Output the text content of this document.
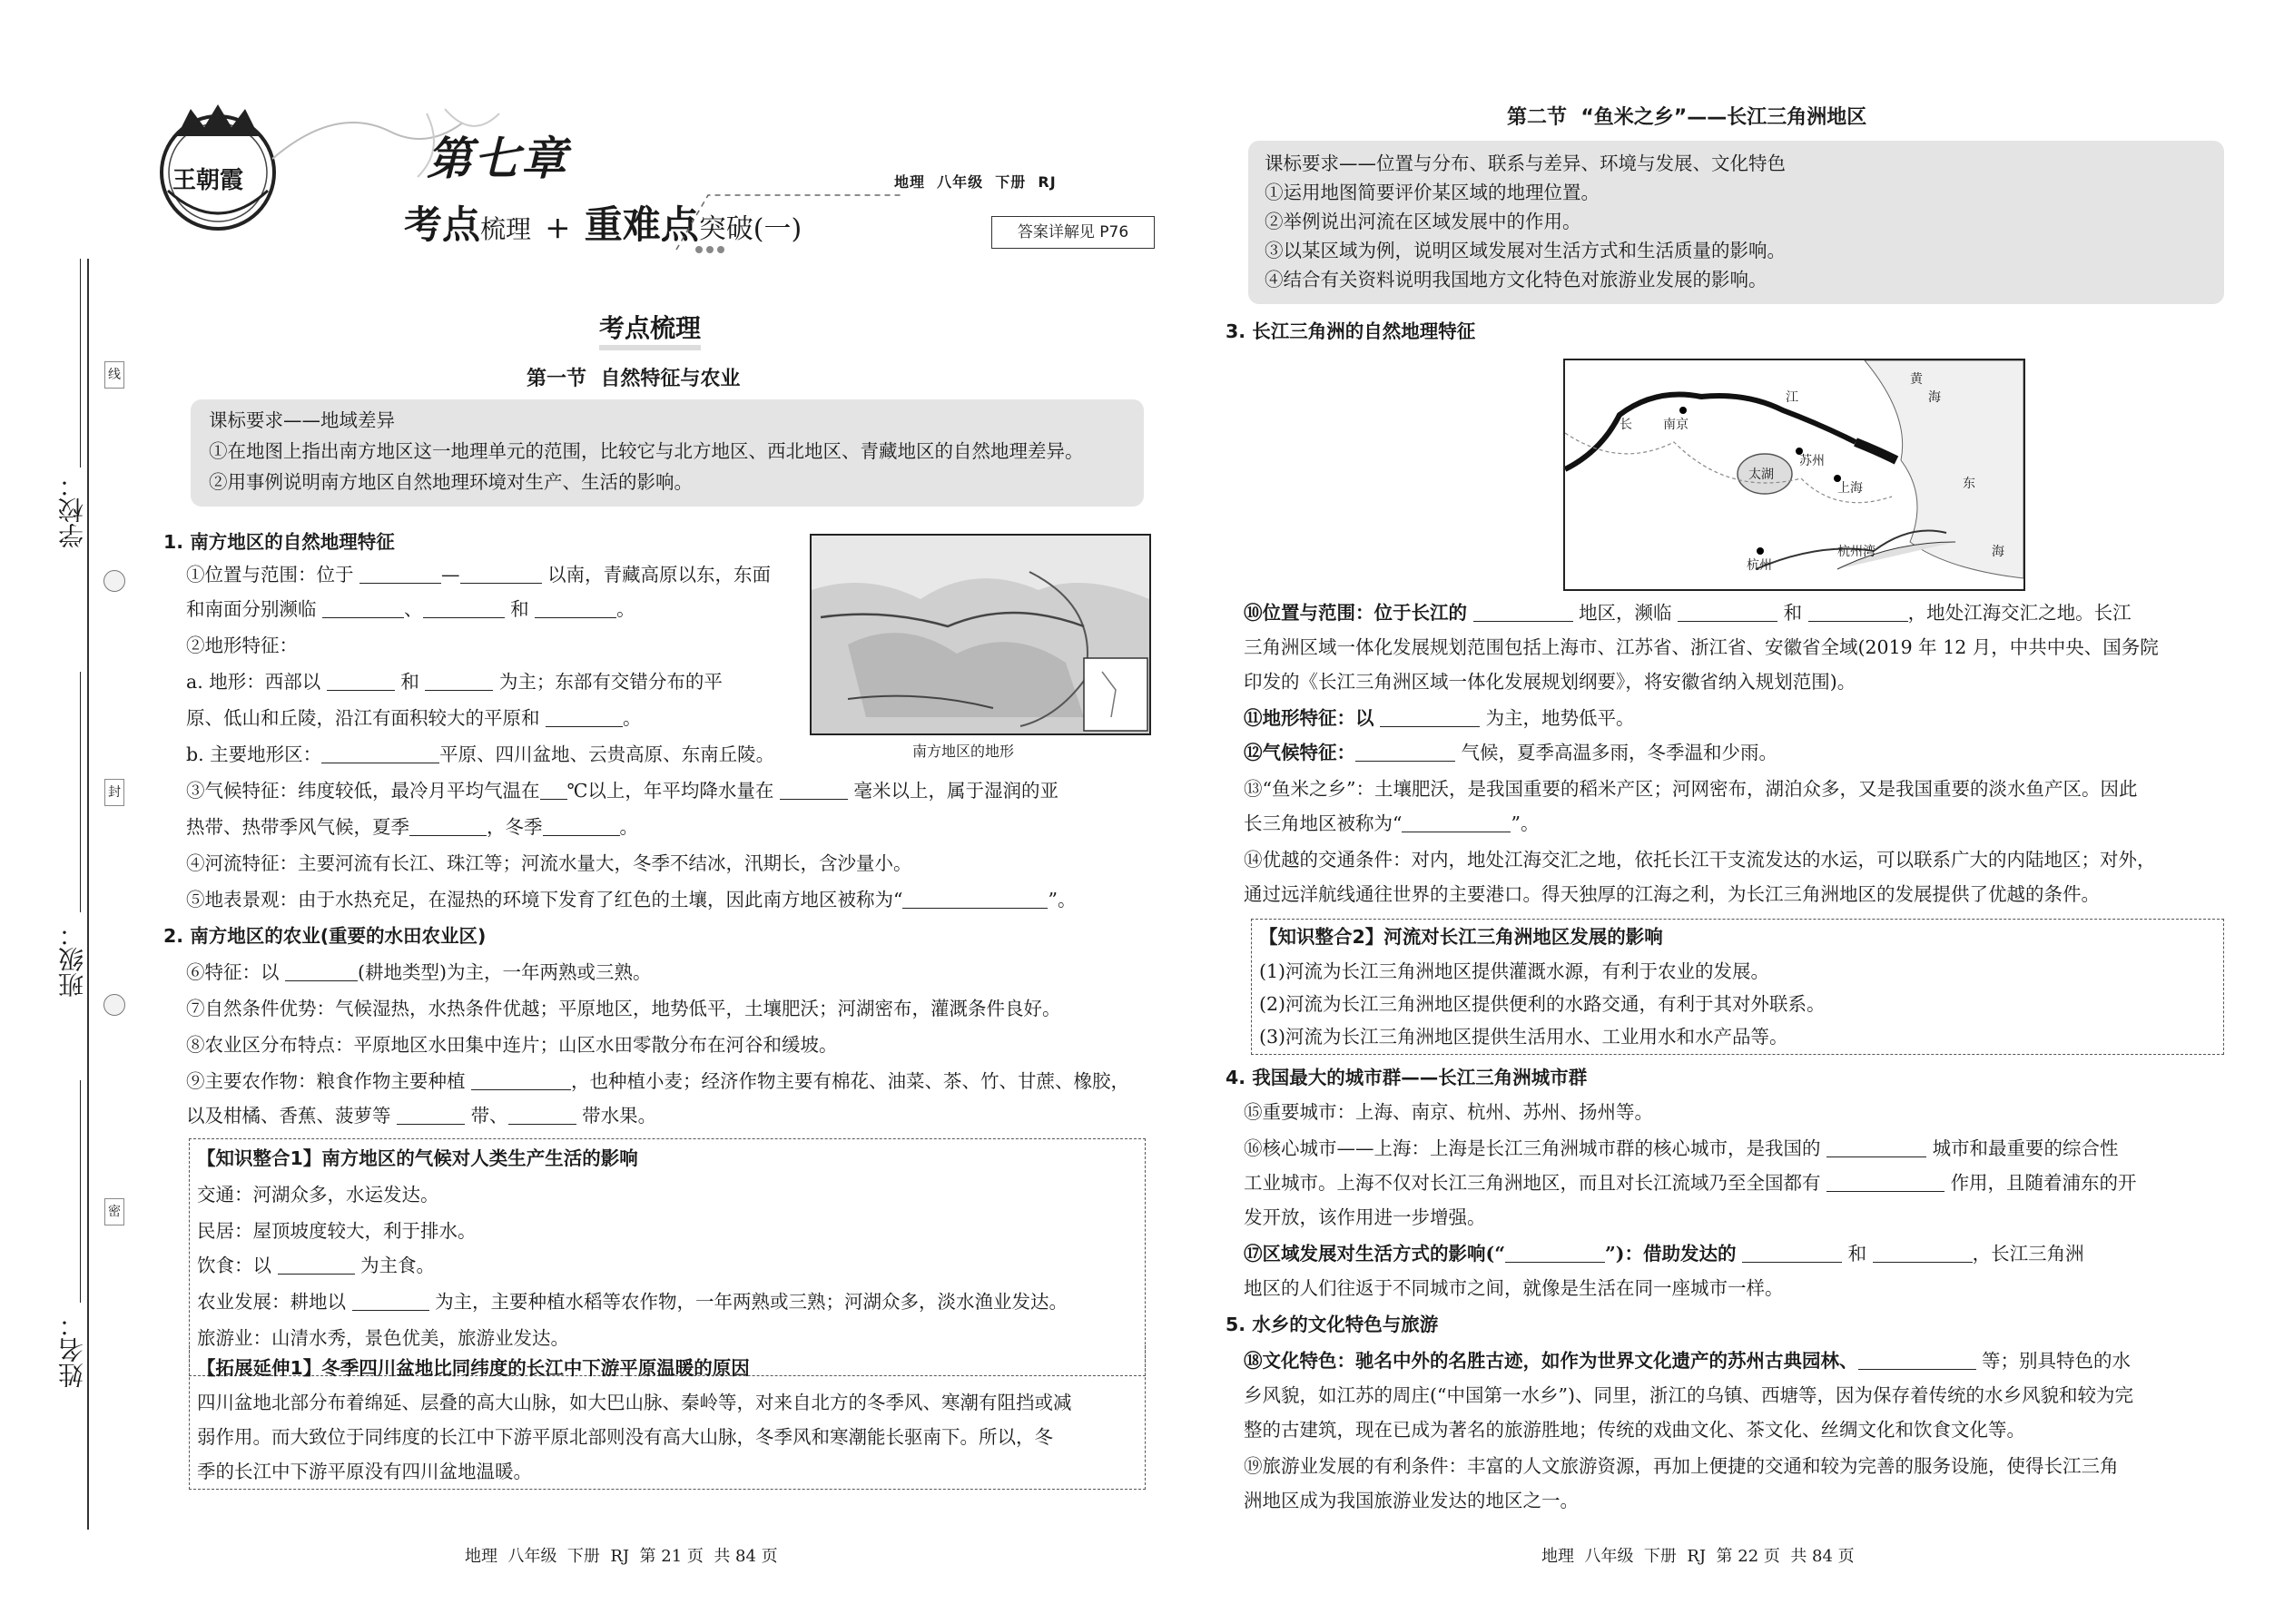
学校：
班级：
姓名：
线
封
密
王朝霞	第七章
考点梳理 + 重难点突破(一)
地理  八年级  下册  RJ
答案详解见 P76
考点梳理
第一节  自然特征与农业
课标要求——地域差异
①在地图上指出南方地区这一地理单元的范围，比较它与北方地区、西北地区、青藏地区的自然地理差异。
②用事例说明南方地区自然地理环境对生产、生活的影响。
1. 南方地区的自然地理特征
①位置与范围：位于	—	以南，青藏高原以东，东面
和南面分别濒临	、	和	。
②地形特征：
a. 地形：西部以	和	为主；东部有交错分布的平
原、低山和丘陵，沿江有面积较大的平原和	。
b. 主要地形区：	平原、四川盆地、云贵高原、东南丘陵。	南方地区的地形
③气候特征：纬度较低，最冷月平均气温在 ℃以上，年平均降水量在	毫米以上，属于湿润的亚
热带、热带季风气候，夏季	，冬季	。
④河流特征：主要河流有长江、珠江等；河流水量大，冬季不结冰，汛期长，含沙量小。
⑤地表景观：由于水热充足，在湿热的环境下发育了红色的土壤，因此南方地区被称为“	”。
2. 南方地区的农业(重要的水田农业区)
⑥特征：以	(耕地类型)为主，一年两熟或三熟。
⑦自然条件优势：气候湿热，水热条件优越；平原地区，地势低平，土壤肥沃；河湖密布，灌溉条件良好。
⑧农业区分布特点：平原地区水田集中连片；山区水田零散分布在河谷和缓坡。
⑨主要农作物：粮食作物主要种植	，也种植小麦；经济作物主要有棉花、油菜、茶、竹、甘蔗、橡胶，
以及柑橘、香蕉、菠萝等	带、	带水果。
【知识整合1】南方地区的气候对人类生产生活的影响
交通：河湖众多，水运发达。
民居：屋顶坡度较大，利于排水。
饮食：以	为主食。
农业发展：耕地以	为主，主要种植水稻等农作物，一年两熟或三熟；河湖众多，淡水渔业发达。
旅游业：山清水秀，景色优美，旅游业发达。
【拓展延伸1】冬季四川盆地比同纬度的长江中下游平原温暖的原因
四川盆地北部分布着绵延、层叠的高大山脉，如大巴山脉、秦岭等，对来自北方的冬季风、寒潮有阻挡或减
弱作用。而大致位于同纬度的长江中下游平原北部则没有高大山脉，冬季风和寒潮能长驱南下。所以，冬
季的长江中下游平原没有四川盆地温暖。
地理  八年级  下册  RJ  第 21 页  共 84 页
第二节  “鱼米之乡”——长江三角洲地区
课标要求——位置与分布、联系与差异、环境与发展、文化特色
①运用地图简要评价某区域的地理位置。
②举例说出河流在区域发展中的作用。
③以某区域为例，说明区域发展对生活方式和生活质量的影响。
④结合有关资料说明我国地方文化特色对旅游业发展的影响。
3. 长江三角洲的自然地理特征
长
江
南京
黄
海
苏州
太湖
上海	东
杭州
杭州湾	海
⑩位置与范围：位于长江的	地区，濒临	和	，地处江海交汇之地。长江
三角洲区域一体化发展规划范围包括上海市、江苏省、浙江省、安徽省全域(2019 年 12 月，中共中央、国务院
印发的《长江三角洲区域一体化发展规划纲要》，将安徽省纳入规划范围)。
⑪地形特征：以	为主，地势低平。
⑫气候特征：	气候，夏季高温多雨，冬季温和少雨。
⑬“鱼米之乡”：土壤肥沃，是我国重要的稻米产区；河网密布，湖泊众多，又是我国重要的淡水鱼产区。因此
长三角地区被称为“	”。
⑭优越的交通条件：对内，地处江海交汇之地，依托长江干支流发达的水运，可以联系广大的内陆地区；对外，
通过远洋航线通往世界的主要港口。得天独厚的江海之利，为长江三角洲地区的发展提供了优越的条件。
【知识整合2】河流对长江三角洲地区发展的影响
(1)河流为长江三角洲地区提供灌溉水源，有利于农业的发展。
(2)河流为长江三角洲地区提供便利的水路交通，有利于其对外联系。
(3)河流为长江三角洲地区提供生活用水、工业用水和水产品等。
4. 我国最大的城市群——长江三角洲城市群
⑮重要城市：上海、南京、杭州、苏州、扬州等。
⑯核心城市——上海：上海是长江三角洲城市群的核心城市，是我国的	城市和最重要的综合性
工业城市。上海不仅对长江三角洲地区，而且对长江流域乃至全国都有	作用，且随着浦东的开
发开放，该作用进一步增强。
⑰区域发展对生活方式的影响(“	”)：借助发达的	和	，长江三角洲
地区的人们往返于不同城市之间，就像是生活在同一座城市一样。
5. 水乡的文化特色与旅游
⑱文化特色：驰名中外的名胜古迹，如作为世界文化遗产的苏州古典园林、	等；别具特色的水
乡风貌，如江苏的周庄(“中国第一水乡”)、同里，浙江的乌镇、西塘等，因为保存着传统的水乡风貌和较为完
整的古建筑，现在已成为著名的旅游胜地；传统的戏曲文化、茶文化、丝绸文化和饮食文化等。
⑲旅游业发展的有利条件：丰富的人文旅游资源，再加上便捷的交通和较为完善的服务设施，使得长江三角
洲地区成为我国旅游业发达的地区之一。
地理  八年级  下册  RJ  第 22 页  共 84 页
